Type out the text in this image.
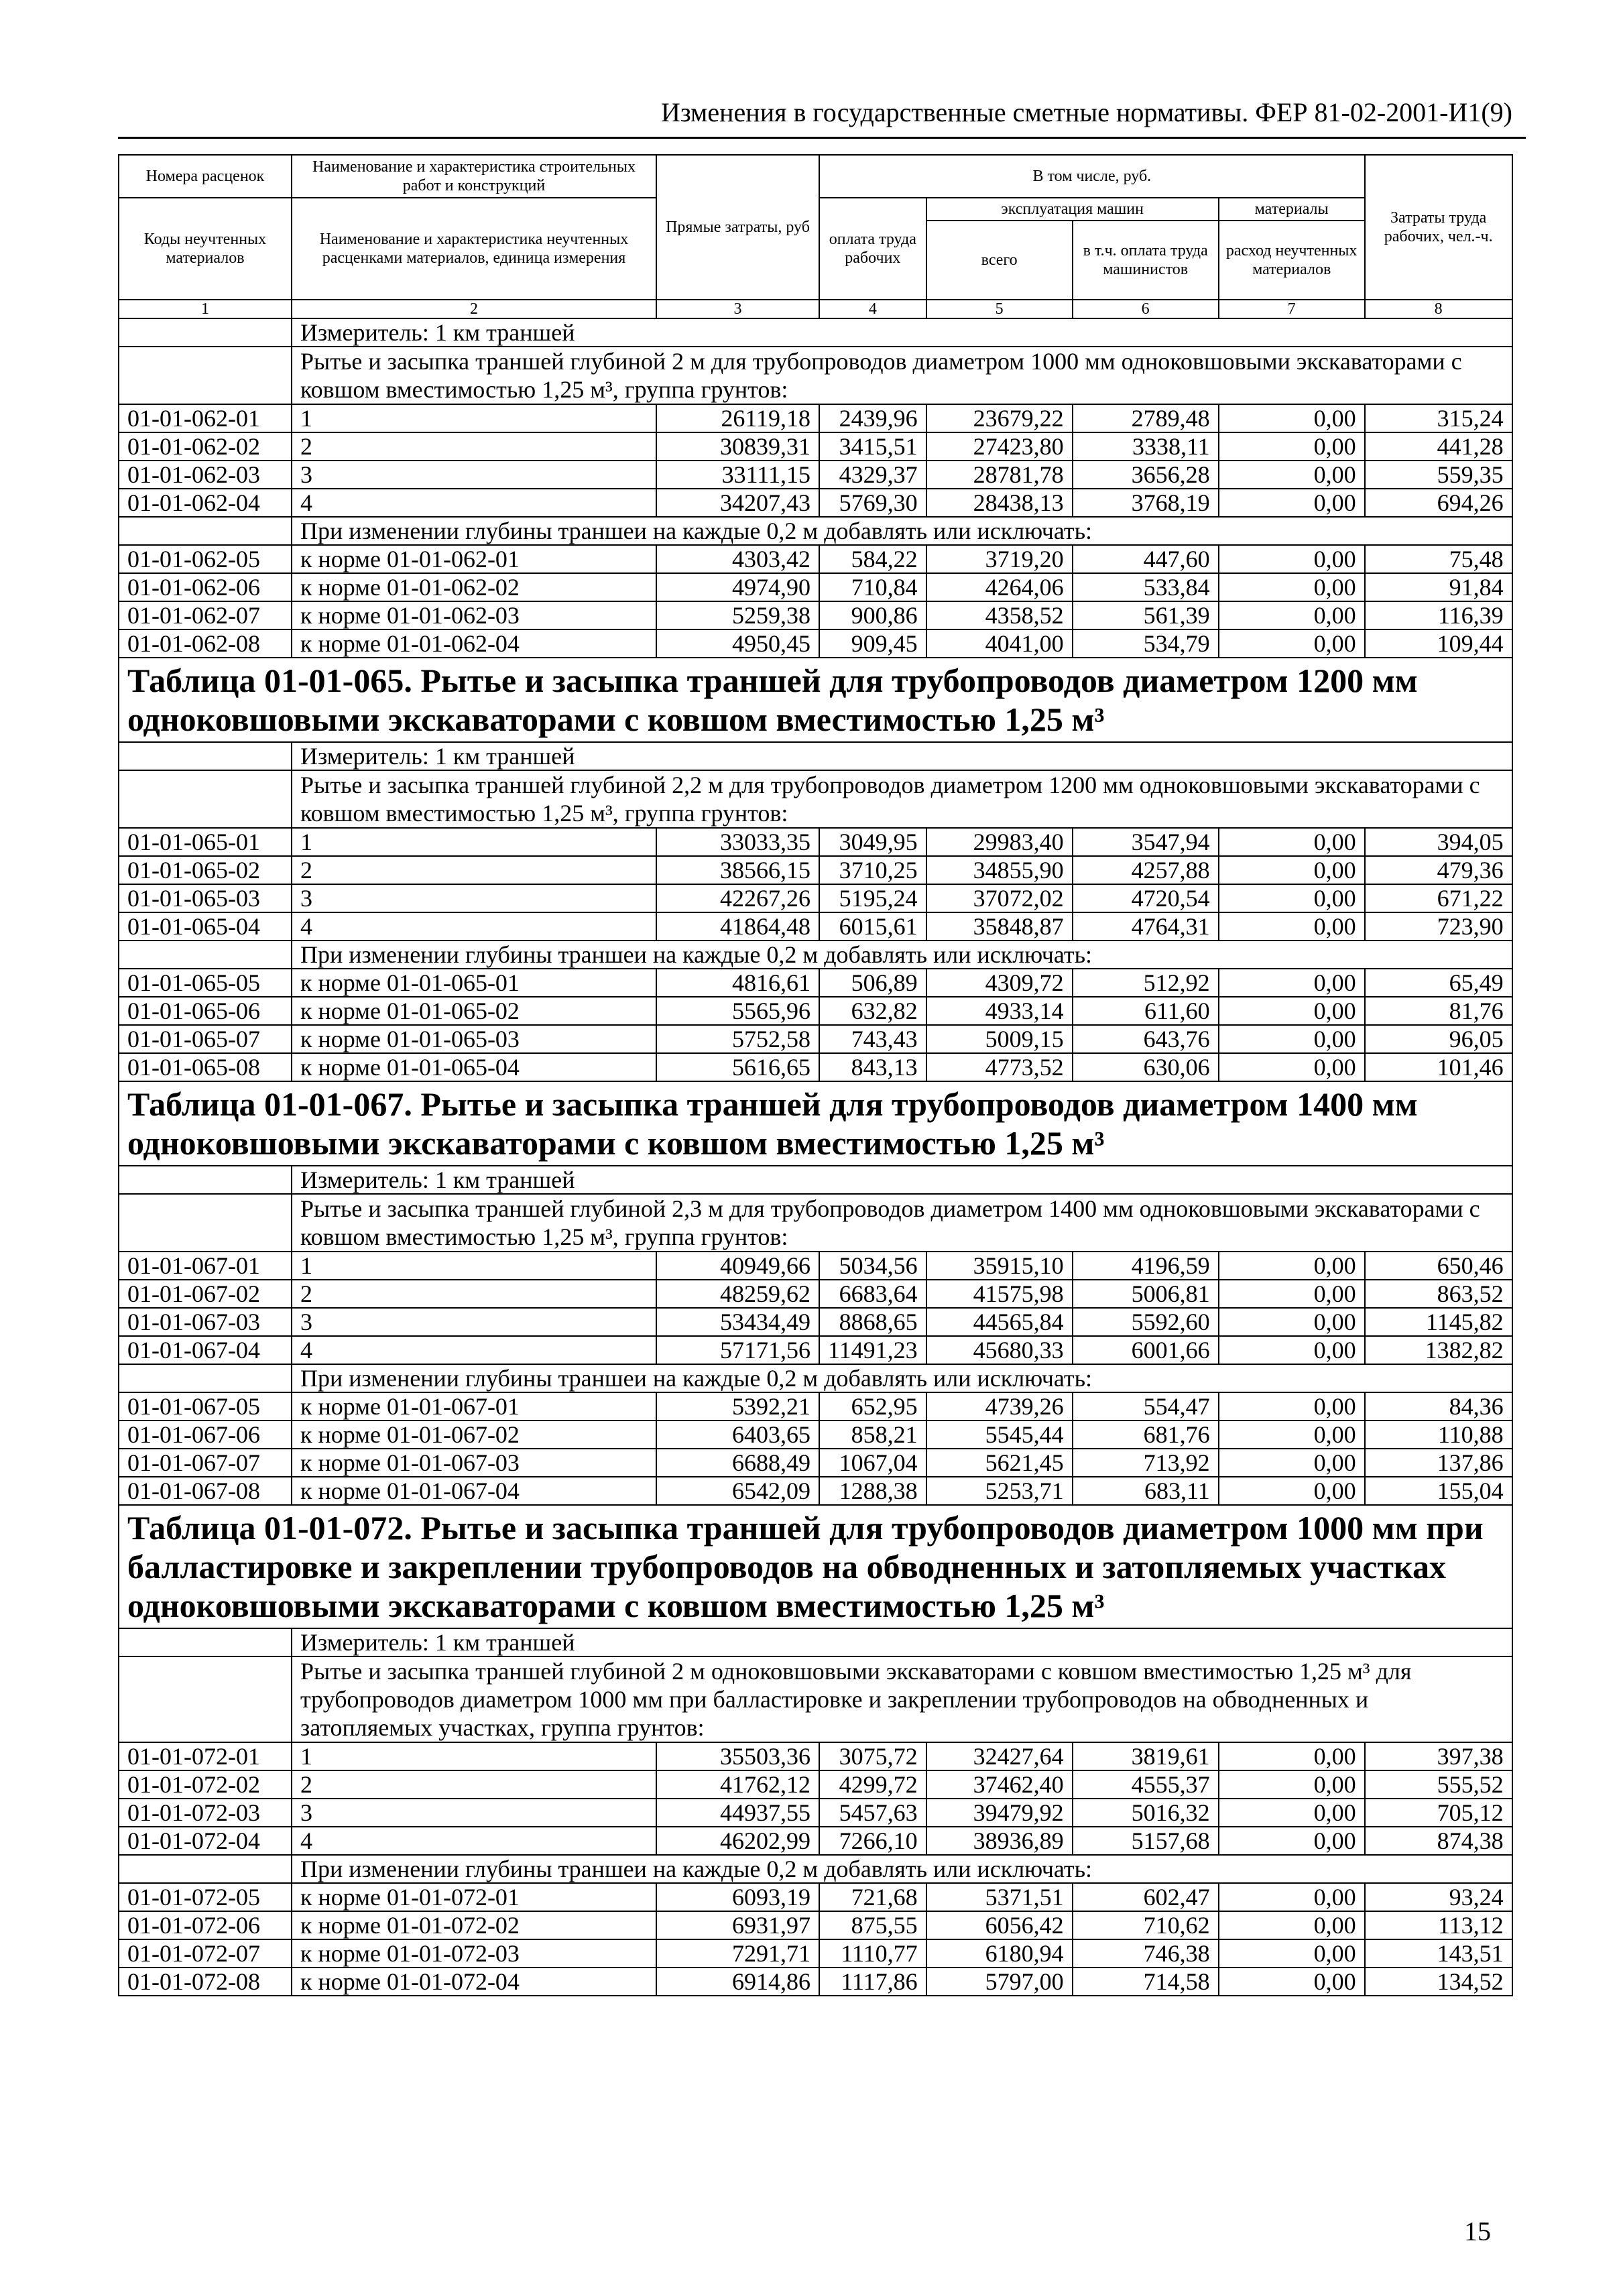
Изменения в государственные сметные нормативы. ФЕР 81-02-2001-И1(9)
Номера расценок	Наименование и характеристика строительных работ и конструкций	Прямые затраты, руб	В том числе, руб.				Затраты труда рабочих, чел.-ч.
Коды неучтенных материалов	Наименование и характеристика неучтенных расценками материалов, единица измерения		оплата труда рабочих	эксплуатация машин		материалы	
				всего	в т.ч. оплата труда машинистов	расход неучтенных материалов	
1	2	3	4	5	6	7	8
	Измеритель: 1 км траншей						
	Рытье и засыпка траншей глубиной 2 м для трубопроводов диаметром 1000 мм одноковшовыми экскаваторами с ковшом вместимостью 1,25 м³, группа грунтов:						
01-01-062-01	1	26119,18	2439,96	23679,22	2789,48	0,00	315,24
01-01-062-02	2	30839,31	3415,51	27423,80	3338,11	0,00	441,28
01-01-062-03	3	33111,15	4329,37	28781,78	3656,28	0,00	559,35
01-01-062-04	4	34207,43	5769,30	28438,13	3768,19	0,00	694,26
	При изменении глубины траншеи на каждые 0,2 м добавлять или исключать:						
01-01-062-05	к норме 01-01-062-01	4303,42	584,22	3719,20	447,60	0,00	75,48
01-01-062-06	к норме 01-01-062-02	4974,90	710,84	4264,06	533,84	0,00	91,84
01-01-062-07	к норме 01-01-062-03	5259,38	900,86	4358,52	561,39	0,00	116,39
01-01-062-08	к норме 01-01-062-04	4950,45	909,45	4041,00	534,79	0,00	109,44
Таблица 01-01-065. Рытье и засыпка траншей для трубопроводов диаметром 1200 мм одноковшовыми экскаваторами с ковшом вместимостью 1,25 м³							
	Измеритель: 1 км траншей						
	Рытье и засыпка траншей глубиной 2,2 м для трубопроводов диаметром 1200 мм одноковшовыми экскаваторами с ковшом вместимостью 1,25 м³, группа грунтов:						
01-01-065-01	1	33033,35	3049,95	29983,40	3547,94	0,00	394,05
01-01-065-02	2	38566,15	3710,25	34855,90	4257,88	0,00	479,36
01-01-065-03	3	42267,26	5195,24	37072,02	4720,54	0,00	671,22
01-01-065-04	4	41864,48	6015,61	35848,87	4764,31	0,00	723,90
	При изменении глубины траншеи на каждые 0,2 м добавлять или исключать:						
01-01-065-05	к норме 01-01-065-01	4816,61	506,89	4309,72	512,92	0,00	65,49
01-01-065-06	к норме 01-01-065-02	5565,96	632,82	4933,14	611,60	0,00	81,76
01-01-065-07	к норме 01-01-065-03	5752,58	743,43	5009,15	643,76	0,00	96,05
01-01-065-08	к норме 01-01-065-04	5616,65	843,13	4773,52	630,06	0,00	101,46
Таблица 01-01-067. Рытье и засыпка траншей для трубопроводов диаметром 1400 мм одноковшовыми экскаваторами с ковшом вместимостью 1,25 м³							
	Измеритель: 1 км траншей						
	Рытье и засыпка траншей глубиной 2,3 м для трубопроводов диаметром 1400 мм одноковшовыми экскаваторами с ковшом вместимостью 1,25 м³, группа грунтов:						
01-01-067-01	1	40949,66	5034,56	35915,10	4196,59	0,00	650,46
01-01-067-02	2	48259,62	6683,64	41575,98	5006,81	0,00	863,52
01-01-067-03	3	53434,49	8868,65	44565,84	5592,60	0,00	1145,82
01-01-067-04	4	57171,56	11491,23	45680,33	6001,66	0,00	1382,82
	При изменении глубины траншеи на каждые 0,2 м добавлять или исключать:						
01-01-067-05	к норме 01-01-067-01	5392,21	652,95	4739,26	554,47	0,00	84,36
01-01-067-06	к норме 01-01-067-02	6403,65	858,21	5545,44	681,76	0,00	110,88
01-01-067-07	к норме 01-01-067-03	6688,49	1067,04	5621,45	713,92	0,00	137,86
01-01-067-08	к норме 01-01-067-04	6542,09	1288,38	5253,71	683,11	0,00	155,04
Таблица 01-01-072. Рытье и засыпка траншей для трубопроводов диаметром 1000 мм при балластировке и закреплении трубопроводов на обводненных и затопляемых участках одноковшовыми экскаваторами с ковшом вместимостью 1,25 м³							
	Измеритель: 1 км траншей						
	Рытье и засыпка траншей глубиной 2 м одноковшовыми экскаваторами с ковшом вместимостью 1,25 м³ для трубопроводов диаметром 1000 мм при балластировке и закреплении трубопроводов на обводненных и затопляемых участках, группа грунтов:						
01-01-072-01	1	35503,36	3075,72	32427,64	3819,61	0,00	397,38
01-01-072-02	2	41762,12	4299,72	37462,40	4555,37	0,00	555,52
01-01-072-03	3	44937,55	5457,63	39479,92	5016,32	0,00	705,12
01-01-072-04	4	46202,99	7266,10	38936,89	5157,68	0,00	874,38
	При изменении глубины траншеи на каждые 0,2 м добавлять или исключать:						
01-01-072-05	к норме 01-01-072-01	6093,19	721,68	5371,51	602,47	0,00	93,24
01-01-072-06	к норме 01-01-072-02	6931,97	875,55	6056,42	710,62	0,00	113,12
01-01-072-07	к норме 01-01-072-03	7291,71	1110,77	6180,94	746,38	0,00	143,51
01-01-072-08	к норме 01-01-072-04	6914,86	1117,86	5797,00	714,58	0,00	134,52
15
